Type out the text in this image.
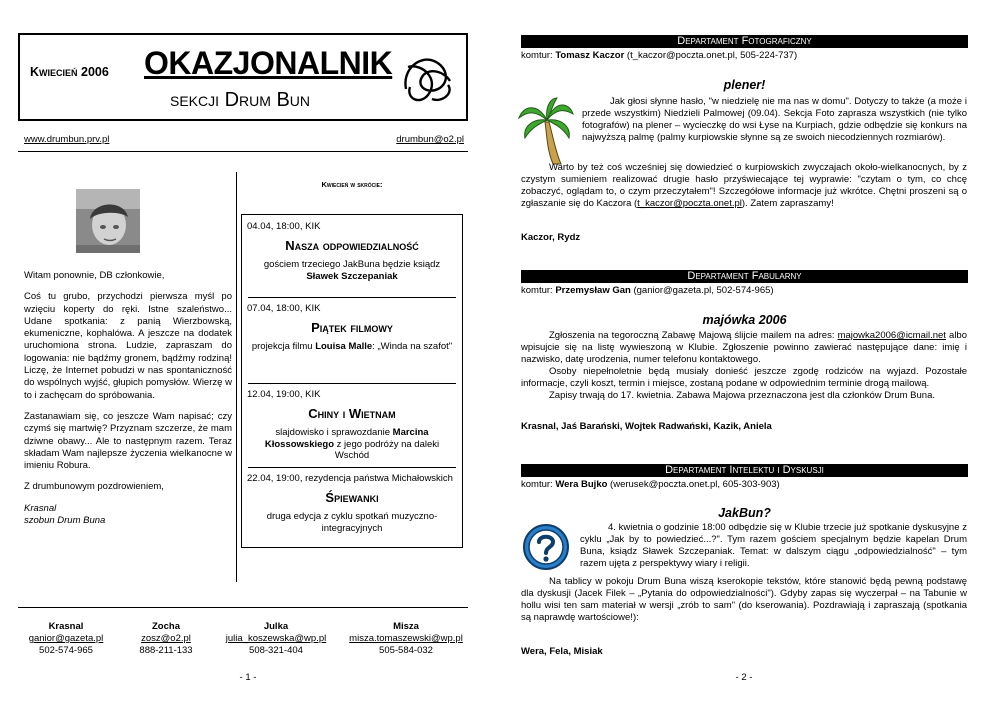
Kwiecień 2006 OKAZJONALNIK
sekcji Drum Bun
www.drumbun.prv.pl	drumbun@o2.pl

Witam ponownie, DB członkowie,

Coś tu grubo, przychodzi pierwsza myśl po wzięciu koperty do ręki. Istne szaleństwo... Udane spotkania: z panią Wierzbowską, ekumeniczne, kophalówa. A jeszcze na dodatek uruchomiona strona. Ludzie, zapraszam do logowania: nie bądźmy gronem, bądźmy rodziną! Liczę, że Internet pobudzi w nas spontaniczność do wspólnych wyjść, głupich pomysłów. Wierzę w to i zachęcam do spróbowania.

Zastanawiam się, co jeszcze Wam napisać; czy czymś się martwię? Przyznam szczerze, że mam dziwne obawy... Ale to następnym razem. Teraz składam Wam najlepsze życzenia wielkanocne w imieniu Robura.

Z drumbunowym pozdrowieniem,

Krasnal
szobun Drum Buna

Kwiecień w skrócie:
04.04, 18:00, KIK
Nasza odpowiedzialność
gościem trzeciego JakBuna będzie ksiądz Sławek Szczepaniak
07.04, 18:00, KIK
Piątek filmowy
projekcja filmu Louisa Malle: „Winda na szafot"
12.04, 19:00, KIK
Chiny i Wietnam
slajdowisko i sprawozdanie Marcina Kłossowskiego z jego podróży na daleki Wschód
22.04, 19:00, rezydencja państwa Michałowskich
Śpiewanki
druga edycja z cyklu spotkań muzyczno-integracyjnych
Krasnal
ganior@gazeta.pl
502-574-965
Zocha
zosz@o2.pl
888-211-133
Julka
julia_koszewska@wp.pl
508-321-404
Misza
misza.tomaszewski@wp.pl
505-584-032
- 1 -
Departament Fotograficzny
komtur: Tomasz Kaczor (t_kaczor@poczta.onet.pl, 505-224-737)
plener!

Jak głosi słynne hasło, "w niedzielę nie ma nas w domu". Dotyczy to także (a może i przede wszystkim) Niedzieli Palmowej (09.04). Sekcja Foto zaprasza wszystkich (nie tylko fotografów) na plener – wycieczkę do wsi Łyse na Kurpiach, gdzie odbędzie się konkurs na najwyższą palmę (palmy kurpiowskie słynne są ze swoich niecodziennych rozmiarów).

Warto by też coś wcześniej się dowiedzieć o kurpiowskich zwyczajach około-wielkanocnych, by z czystym sumieniem realizować drugie hasło przyświecające tej wyprawie: "czytam o tym, co chcę zobaczyć, oglądam to, o czym przeczytałem"! Szczegółowe informacje już wkrótce. Chętni proszeni są o zgłaszanie się do Kaczora (t_kaczor@poczta.onet.pl). Zatem zapraszamy!

Kaczor, Rydz
Departament Fabularny
komtur: Przemysław Gan (ganior@gazeta.pl, 502-574-965)
majówka 2006

Zgłoszenia na tegoroczną Zabawę Majową ślijcie mailem na adres: majowka2006@icmail.net albo wpisujcie się na listę wywieszoną w Klubie. Zgłoszenie powinno zawierać następujące dane: imię i nazwisko, datę urodzenia, numer telefonu kontaktowego.

Osoby niepełnoletnie będą musiały donieść jeszcze zgodę rodziców na wyjazd. Pozostałe informacje, czyli koszt, termin i miejsce, zostaną podane w odpowiednim terminie drogą mailową.

Zapisy trwają do 17. kwietnia. Zabawa Majowa przeznaczona jest dla członków Drum Buna.

Krasnal, Jaś Barański, Wojtek Radwański, Kazik, Aniela
Departament Intelektu i Dyskusji
komtur: Wera Bujko (werusek@poczta.onet.pl, 605-303-903)
JakBun?

4. kwietnia o godzinie 18:00 odbędzie się w Klubie trzecie już spotkanie dyskusyjne z cyklu „Jak by to powiedzieć...?". Tym razem gościem specjalnym będzie kapelan Drum Buna, ksiądz Sławek Szczepaniak. Temat: w dalszym ciągu „odpowiedzialność" – tym razem ujęta z perspektywy wiary i religii.

Na tablicy w pokoju Drum Buna wiszą kserokopie tekstów, które stanowić będą pewną podstawę dla dyskusji (Jacek Filek – „Pytania do odpowiedzialności"). Gdyby zapas się wyczerpał – na Tabunie w hollu wisi ten sam materiał w wersji „zrób to sam" (do kserowania). Pozdrawiają i zapraszają (spotkania są naprawdę wartościowe!):

Wera, Fela, Misiak
- 2 -
